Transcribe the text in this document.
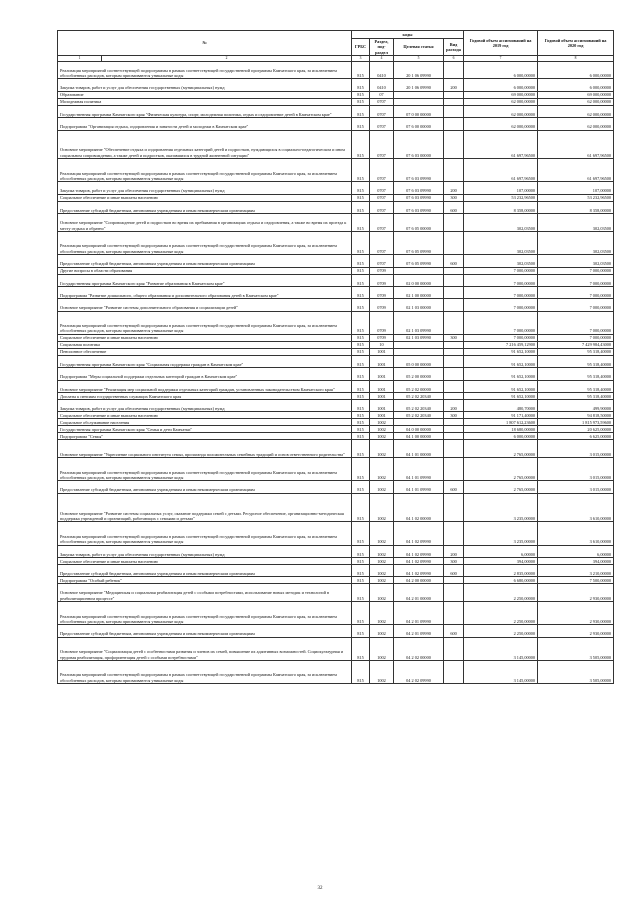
№		коды				Годовой объем ассигнований на 2019 год	Годовой объем ассигнований на 2020 год
		ГРБС	Раздел, под-раздел	Целевая статья	Вид расхода		
1	2	3	4	5	6	7	8
Реализация мероприятий соответствующей подпрограммы в рамках соответствующей государственной программы Камчатского края, за исключением обособленных расходов, которым присваиваются уникальные коды		815	0410	20 1 06 09990		6 000,00000	6 000,00000
Закупка товаров, работ и услуг для обеспечения государственных (муниципальных) нужд		815	0410	20 1 06 09990	200	6 000,00000	6 000,00000
Образование		815	07			69 000,00000	69 000,00000
Молодежная политика		815	0707			62 000,00000	62 000,00000
Государственная программа Камчатского края "Физическая культура, спорт, молодежная политика, отдых и оздоровление детей в Камчатском крае"		815	0707	07 0 00 00000		62 000,00000	62 000,00000
Подпрограмма "Организация отдыха, оздоровления и занятости детей и молодежи в Камчатском крае"		815	0707	07 6 00 00000		62 000,00000	62 000,00000
Основное мероприятие "Обеспечение отдыха и оздоровления отдельных категорий детей и подростков, нуждающихся в социально-педагогическом и ином социальном сопровождении, а также детей и подростков, оказавшихся в трудной жизненной ситуации"		815	0707	07 6 03 00000		61 697,96500	61 697,96500
Реализация мероприятий соответствующей подпрограммы в рамках соответствующей государственной программы Камчатского края, за исключением обособленных расходов, которым присваиваются уникальные коды		815	0707	07 6 03 09990		61 697,96500	61 697,96500
Закупка товаров, работ и услуг для обеспечения государственных (муниципальных) нужд		815	0707	07 6 03 09990	200	107,00000	107,00000
Социальное обеспечение и иные выплаты населению		815	0707	07 6 03 09990	300	53 232,96500	53 232,96500
Предоставление субсидий бюджетным, автономным учреждениям и иным некоммерческим организациям		815	0707	07 6 03 09990	600	8 358,00000	8 358,00000
Основное мероприятие "Сопровождение детей и подростков во время их пребывания в организациях отдыха и оздоровления, а также во время их проезда к месту отдыха и обратно"		815	0707	07 6 05 00000		302,03500	302,03500
Реализация мероприятий соответствующей подпрограммы в рамках соответствующей государственной программы Камчатского края, за исключением обособленных расходов, которым присваиваются уникальные коды		815	0707	07 6 05 09990		302,03500	302,03500
Предоставление субсидий бюджетным, автономным учреждениям и иным некоммерческим организациям		815	0707	07 6 05 09990	600	302,03500	302,03500
Другие вопросы в области образования		815	0709			7 000,00000	7 000,00000
Государственная программа Камчатского края "Развитие образования в Камчатском крае"		815	0709	02 0 00 00000		7 000,00000	7 000,00000
Подпрограмма "Развитие дошкольного, общего образования и дополнительного образования детей в Камчатском крае"		815	0709	02 1 00 00000		7 000,00000	7 000,00000
Основное мероприятие "Развитие системы дополнительного образования и социализации детей"		815	0709	02 1 03 00000		7 000,00000	7 000,00000
Реализация мероприятий соответствующей подпрограммы в рамках соответствующей государственной программы Камчатского края, за исключением обособленных расходов, которым присваиваются уникальные коды		815	0709	02 1 03 09990		7 000,00000	7 000,00000
Социальное обеспечение и иные выплаты населению		815	0709	02 1 03 09990	300	7 000,00000	7 000,00000
Социальная политика		815	10			7 216 459,12900	7 429 984,43000
Пенсионное обеспечение		815	1001			91 652,10000	95 318,40000
Государственная программа Камчатского края "Социальная поддержка граждан в Камчатском крае"		815	1001	05 0 00 00000		91 652,10000	95 318,40000
Подпрограмма "Меры социальной поддержки отдельных категорий граждан в Камчатском крае"		815	1001	05 2 00 00000		91 652,10000	95 318,40000
Основное мероприятие "Реализация мер социальной поддержки отдельных категорий граждан, установленных законодательством Камчатского края"		815	1001	05 2 02 00000		91 652,10000	95 318,40000
Доплаты к пенсиям государственных служащих Камчатского края		815	1001	05 2 02 20340		91 652,10000	95 318,40000
Закупка товаров, работ и услуг для обеспечения государственных (муниципальных) нужд		815	1001	05 2 02 20340	200	480,70000	499,90000
Социальное обеспечение и иные выплаты населению		815	1001	05 2 02 20340	300	91 171,40000	94 818,50000
Социальное обслуживание населения		815	1002			1 807 612,23600	1 815 973,59600
Государственная программа Камчатского края "Семья и дети Камчатки"		815	1002	04 0 00 00000		18 680,00000	20 625,00000
Подпрограмма "Семья"		815	1002	04 1 00 00000		6 000,00000	6 625,00000
Основное мероприятие "Укрепление социального института семьи, пропаганда положительных семейных традиций и основ ответственного родительства"		815	1002	04 1 01 00000		2 765,00000	3 015,00000
Реализация мероприятий соответствующей подпрограммы в рамках соответствующей государственной программы Камчатского края, за исключением обособленных расходов, которым присваиваются уникальные коды		815	1002	04 1 01 09990		2 765,00000	3 015,00000
Предоставление субсидий бюджетным, автономным учреждениям и иным некоммерческим организациям		815	1002	04 1 01 09990	600	2 765,00000	3 015,00000
Основное мероприятие "Развитие системы социальных услуг, оказание поддержки семей с детьми. Ресурсное обеспечение, организационно-методическая поддержка учреждений и организаций, работающих с семьями и детьми"		815	1002	04 1 02 00000		3 235,00000	3 610,00000
Реализация мероприятий соответствующей подпрограммы в рамках соответствующей государственной программы Камчатского края, за исключением обособленных расходов, которым присваиваются уникальные коды		815	1002	04 1 02 09990		3 235,00000	3 610,00000
Закупка товаров, работ и услуг для обеспечения государственных (муниципальных) нужд		815	1002	04 1 02 09990	200	6,00000	6,00000
Социальное обеспечение и иные выплаты населению		815	1002	04 1 02 09990	300	394,00000	394,00000
Предоставление субсидий бюджетным, автономным учреждениям и иным некоммерческим организациям		815	1002	04 1 02 09990	600	2 835,00000	3 210,00000
Подпрограмма "Особый ребенок"		815	1002	04 2 00 00000		6 680,00000	7 500,00000
Основное мероприятие "Медицинская и социальная реабилитация детей с особыми потребностями, использование новых методик и технологий в реабилитационном процессе"		815	1002	04 2 01 00000		2 250,00000	2 930,00000
Реализация мероприятий соответствующей подпрограммы в рамках соответствующей государственной программы Камчатского края, за исключением обособленных расходов, которым присваиваются уникальные коды		815	1002	04 2 01 09990		2 250,00000	2 930,00000
Предоставление субсидий бюджетным, автономным учреждениям и иным некоммерческим организациям		815	1002	04 2 01 09990	600	2 250,00000	2 930,00000
Основное мероприятие "Социализация детей с особенностями развития и членов их семей, повышение их адаптивных возможностей. Социокультурная и трудовая реабилитация, профориентация детей с особыми потребностями"		815	1002	04 2 02 00000		3 145,00000	3 505,00000
Реализация мероприятий соответствующей подпрограммы в рамках соответствующей государственной программы Камчатского края, за исключением обособленных расходов, которым присваиваются уникальные коды		815	1002	04 2 02 09990		3 145,00000	3 505,00000
32
